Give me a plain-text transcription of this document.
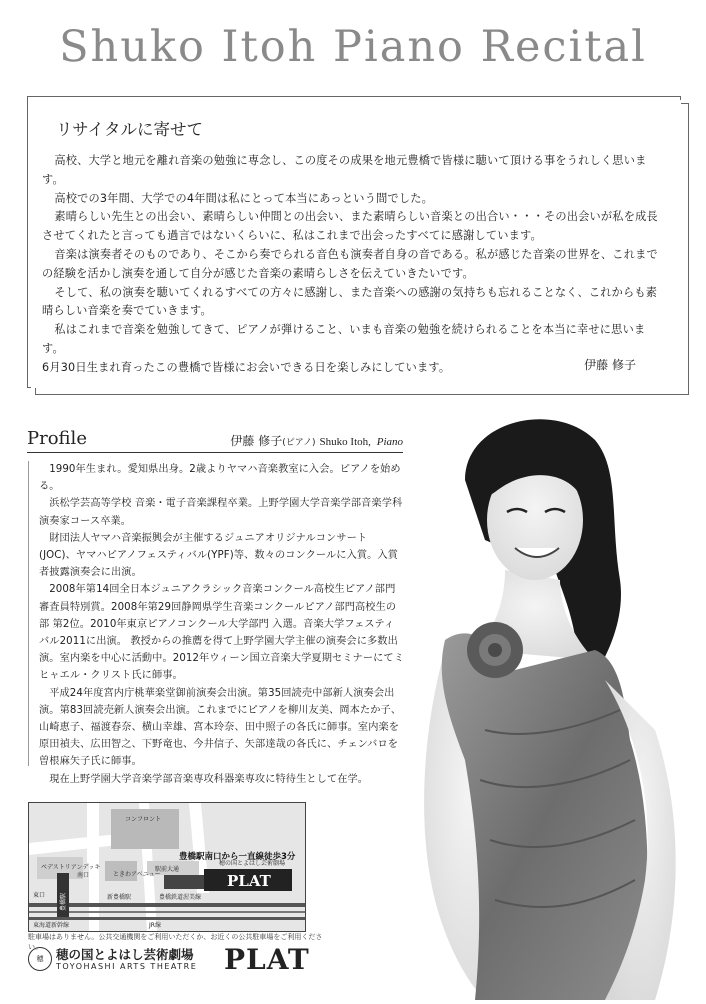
Shuko Itoh Piano Recital
リサイタルに寄せて

高校、大学と地元を離れ音楽の勉強に専念し、この度その成果を地元豊橋で皆様に聴いて頂ける事をうれしく思います。

高校での3年間、大学での4年間は私にとって本当にあっという間でした。

素晴らしい先生との出会い、素晴らしい仲間との出会い、また素晴らしい音楽との出合い・・・その出会いが私を成長させてくれたと言っても過言ではないくらいに、私はこれまで出会ったすべてに感謝しています。

音楽は演奏者そのものであり、そこから奏でられる音色も演奏者自身の音である。私が感じた音楽の世界を、これまでの経験を活かし演奏を通して自分が感じた音楽の素晴らしさを伝えていきたいです。

そして、私の演奏を聴いてくれるすべての方々に感謝し、また音楽への感謝の気持ちも忘れることなく、これからも素晴らしい音楽を奏でていきます。

私はこれまで音楽を勉強してきて、ピアノが弾けること、いまも音楽の勉強を続けられることを本当に幸せに思います。

6月30日生まれ育ったこの豊橋で皆様にお会いできる日を楽しみにしています。	伊藤 修子
Profile	伊藤 修子(ピアノ) Shuko Itoh, Piano

1990年生まれ。愛知県出身。2歳よりヤマハ音楽教室に入会。ピアノを始める。

浜松学芸高等学校 音楽・電子音楽課程卒業。上野学園大学音楽学部音楽学科演奏家コース卒業。

財団法人ヤマハ音楽振興会が主催するジュニアオリジナルコンサート(JOC)、ヤマハピアノフェスティバル(YPF)等、数々のコンクールに入賞。入賞者披露演奏会に出演。

2008年第14回全日本ジュニアクラシック音楽コンクール高校生ピアノ部門 審査員特別賞。2008年第29回静岡県学生音楽コンクールピアノ部門高校生の部 第2位。2010年東京ピアノコンクール大学部門 入選。音楽大学フェスティバル2011に出演。 教授からの推薦を得て上野学園大学主催の演奏会に多数出演。室内楽を中心に活動中。2012年ウィーン国立音楽大学夏期セミナーにてミヒャエル・クリスト氏に師事。

平成24年度宮内庁桃華楽堂御前演奏会出演。第35回読売中部新人演奏会出演。第83回読売新人演奏会出演。これまでにピアノを柳川友美、岡本たか子、山崎恵子、福渡春奈、横山幸雄、宮本玲奈、田中照子の各氏に師事。室内楽を原田禎夫、広田智之、下野竜也、今井信子、矢部達哉の各氏に、チェンバロを曽根麻矢子氏に師事。

現在上野学園大学音楽学部音楽専攻科器楽専攻に特待生として在学。

ペデストリアンデッキ
南口
コンフロント
ときわアベニュー
駅前大通
豊橋鉄道渥美線
新豊橋駅
東口
JR線
東海道新幹線
穂の国とよはし芸術劇場
豊橋駅
豊橋駅南口から一直線徒歩3分
PLAT
駐車場はありません。公共交通機関をご利用いただくか、お近くの公共駐車場をご利用ください。
穂	穂の国とよはし芸術劇場
TOYOHASHI ARTS THEATRE PLAT
